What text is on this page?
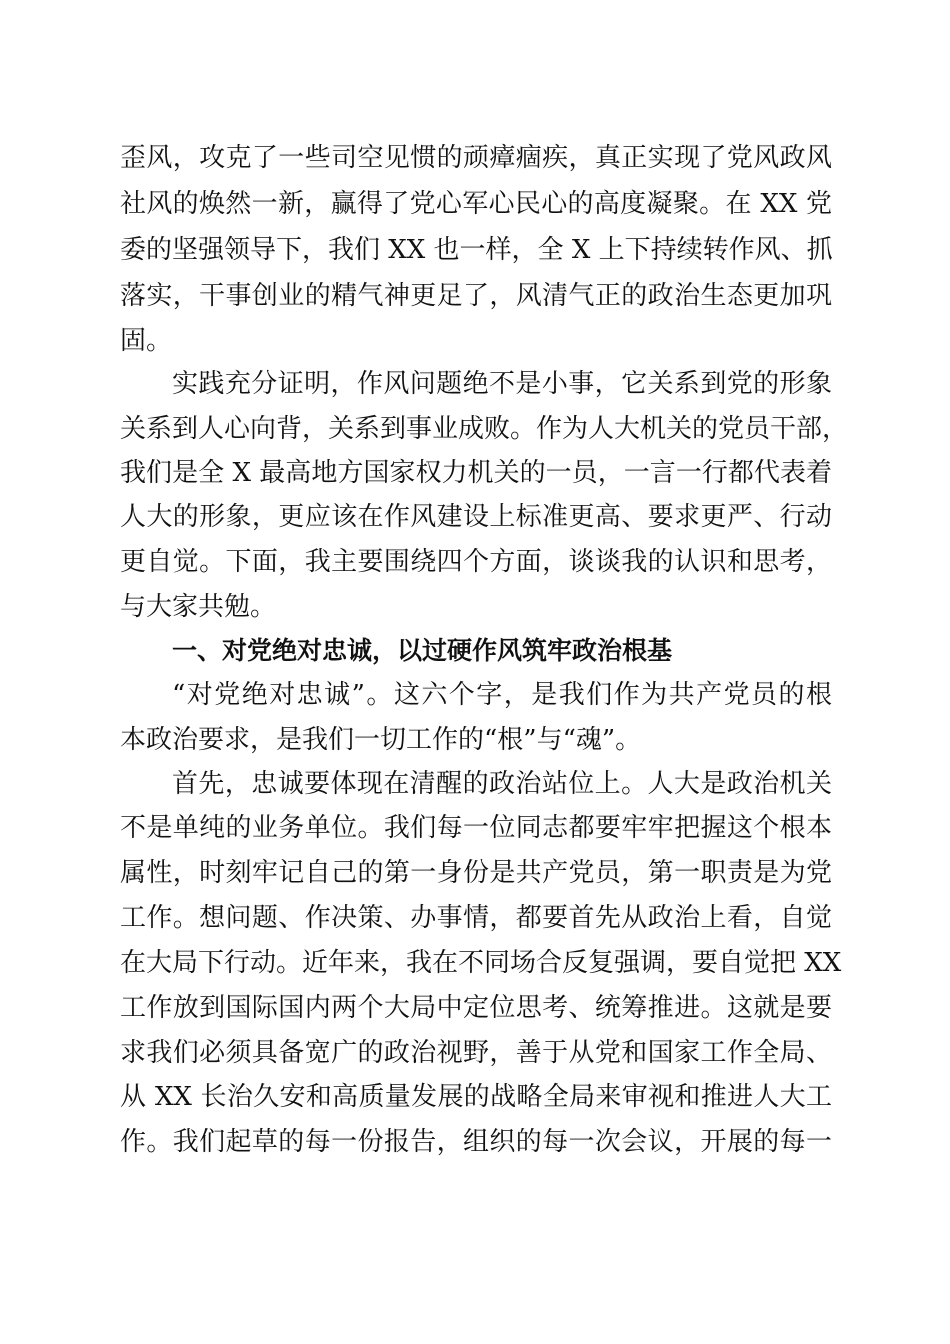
歪风，攻克了一些司空见惯的顽瘴痼疾，真正实现了党风政风
社风的焕然一新，赢得了党心军心民心的高度凝聚。在 XX 党
委的坚强领导下，我们 XX 也一样，全 X 上下持续转作风、抓
落实，干事创业的精气神更足了，风清气正的政治生态更加巩
固。
实践充分证明，作风问题绝不是小事，它关系到党的形象
关系到人心向背，关系到事业成败。作为人大机关的党员干部，
我们是全 X 最高地方国家权力机关的一员，一言一行都代表着
人大的形象，更应该在作风建设上标准更高、要求更严、行动
更自觉。下面，我主要围绕四个方面，谈谈我的认识和思考，
与大家共勉。
一、对党绝对忠诚，以过硬作风筑牢政治根基
“对党绝对忠诚”。这六个字，是我们作为共产党员的根
本政治要求，是我们一切工作的“根”与“魂”。
首先，忠诚要体现在清醒的政治站位上。人大是政治机关
不是单纯的业务单位。我们每一位同志都要牢牢把握这个根本
属性，时刻牢记自己的第一身份是共产党员，第一职责是为党
工作。想问题、作决策、办事情，都要首先从政治上看，自觉
在大局下行动。近年来，我在不同场合反复强调，要自觉把 XX
工作放到国际国内两个大局中定位思考、统筹推进。这就是要
求我们必须具备宽广的政治视野，善于从党和国家工作全局、
从 XX 长治久安和高质量发展的战略全局来审视和推进人大工
作。我们起草的每一份报告，组织的每一次会议，开展的每一
